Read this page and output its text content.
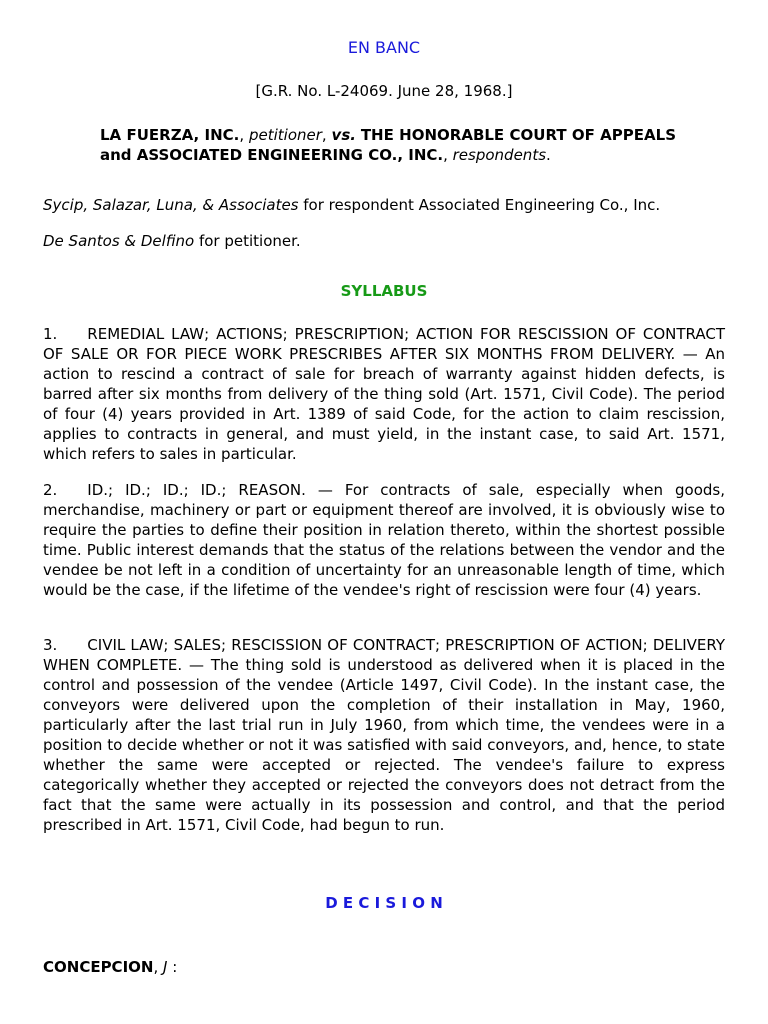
EN BANC
[G.R. No. L-24069. June 28, 1968.]
LA FUERZA, INC., petitioner, vs. THE HONORABLE COURT OF APPEALS and ASSOCIATED ENGINEERING CO., INC., respondents.
Sycip, Salazar, Luna, & Associates for respondent Associated Engineering Co., Inc.
De Santos & Delfino for petitioner.
SYLLABUS

1.  REMEDIAL LAW; ACTIONS; PRESCRIPTION; ACTION FOR RESCISSION OF CONTRACT OF SALE OR FOR PIECE WORK PRESCRIBES AFTER SIX MONTHS FROM DELIVERY. — An action to rescind a contract of sale for breach of warranty against hidden defects, is barred after six months from delivery of the thing sold (Art. 1571, Civil Code). The period of four (4) years provided in Art. 1389 of said Code, for the action to claim rescission, applies to contracts in general, and must yield, in the instant case, to said Art. 1571, which refers to sales in particular.

2.  ID.; ID.; ID.; ID.; REASON. — For contracts of sale, especially when goods, merchandise, machinery or part or equipment thereof are involved, it is obviously wise to require the parties to define their position in relation thereto, within the shortest possible time. Public interest demands that the status of the relations between the vendor and the vendee be not left in a condition of uncertainty for an unreasonable length of time, which would be the case, if the lifetime of the vendee's right of rescission were four (4) years.

3.  CIVIL LAW; SALES; RESCISSION OF CONTRACT; PRESCRIPTION OF ACTION; DELIVERY WHEN COMPLETE. — The thing sold is understood as delivered when it is placed in the control and possession of the vendee (Article 1497, Civil Code). In the instant case, the conveyors were delivered upon the completion of their installation in May, 1960, particularly after the last trial run in July 1960, from which time, the vendees were in a position to decide whether or not it was satisfied with said conveyors, and, hence, to state whether the same were accepted or rejected. The vendee's failure to express categorically whether they accepted or rejected the conveyors does not detract from the fact that the same were actually in its possession and control, and that the period prescribed in Art. 1571, Civil Code, had begun to run.

D E C I S I O N
CONCEPCION, J :
